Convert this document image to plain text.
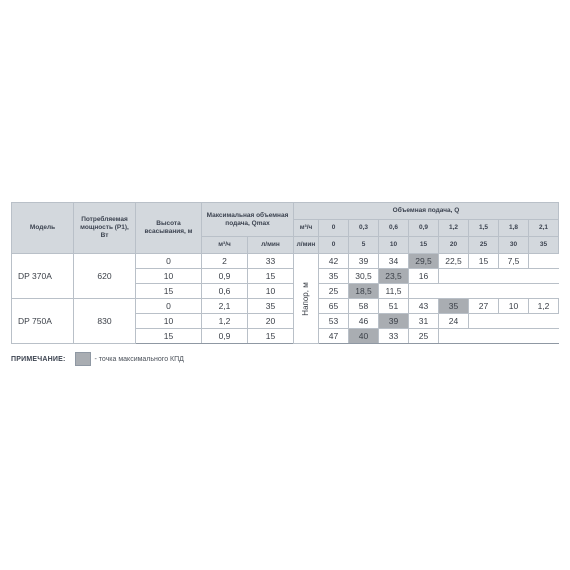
Модель	Потребляемая мощность (P1), Вт	Высота всасывания, м	Максимальная объемная подача, Qmax		Объемная подача, Q								
					м³/ч	0	0,3	0,6	0,9	1,2	1,5	1,8	2,1
			м³/ч	л/мин	л/мин	0	5	10	15	20	25	30	35
DP 370A	620	0	2	33	Напор, м	42	39	34	29,5	22,5	15	7,5	
		10	0,9	15		35	30,5	23,5	16				
		15	0,6	10		25	18,5	11,5					
DP 750A	830	0	2,1	35		65	58	51	43	35	27	10	1,2
		10	1,2	20		53	46	39	31	24			
		15	0,9	15		47	40	33	25				
ПРИМЕЧАНИЕ:	- точка максимального КПД
